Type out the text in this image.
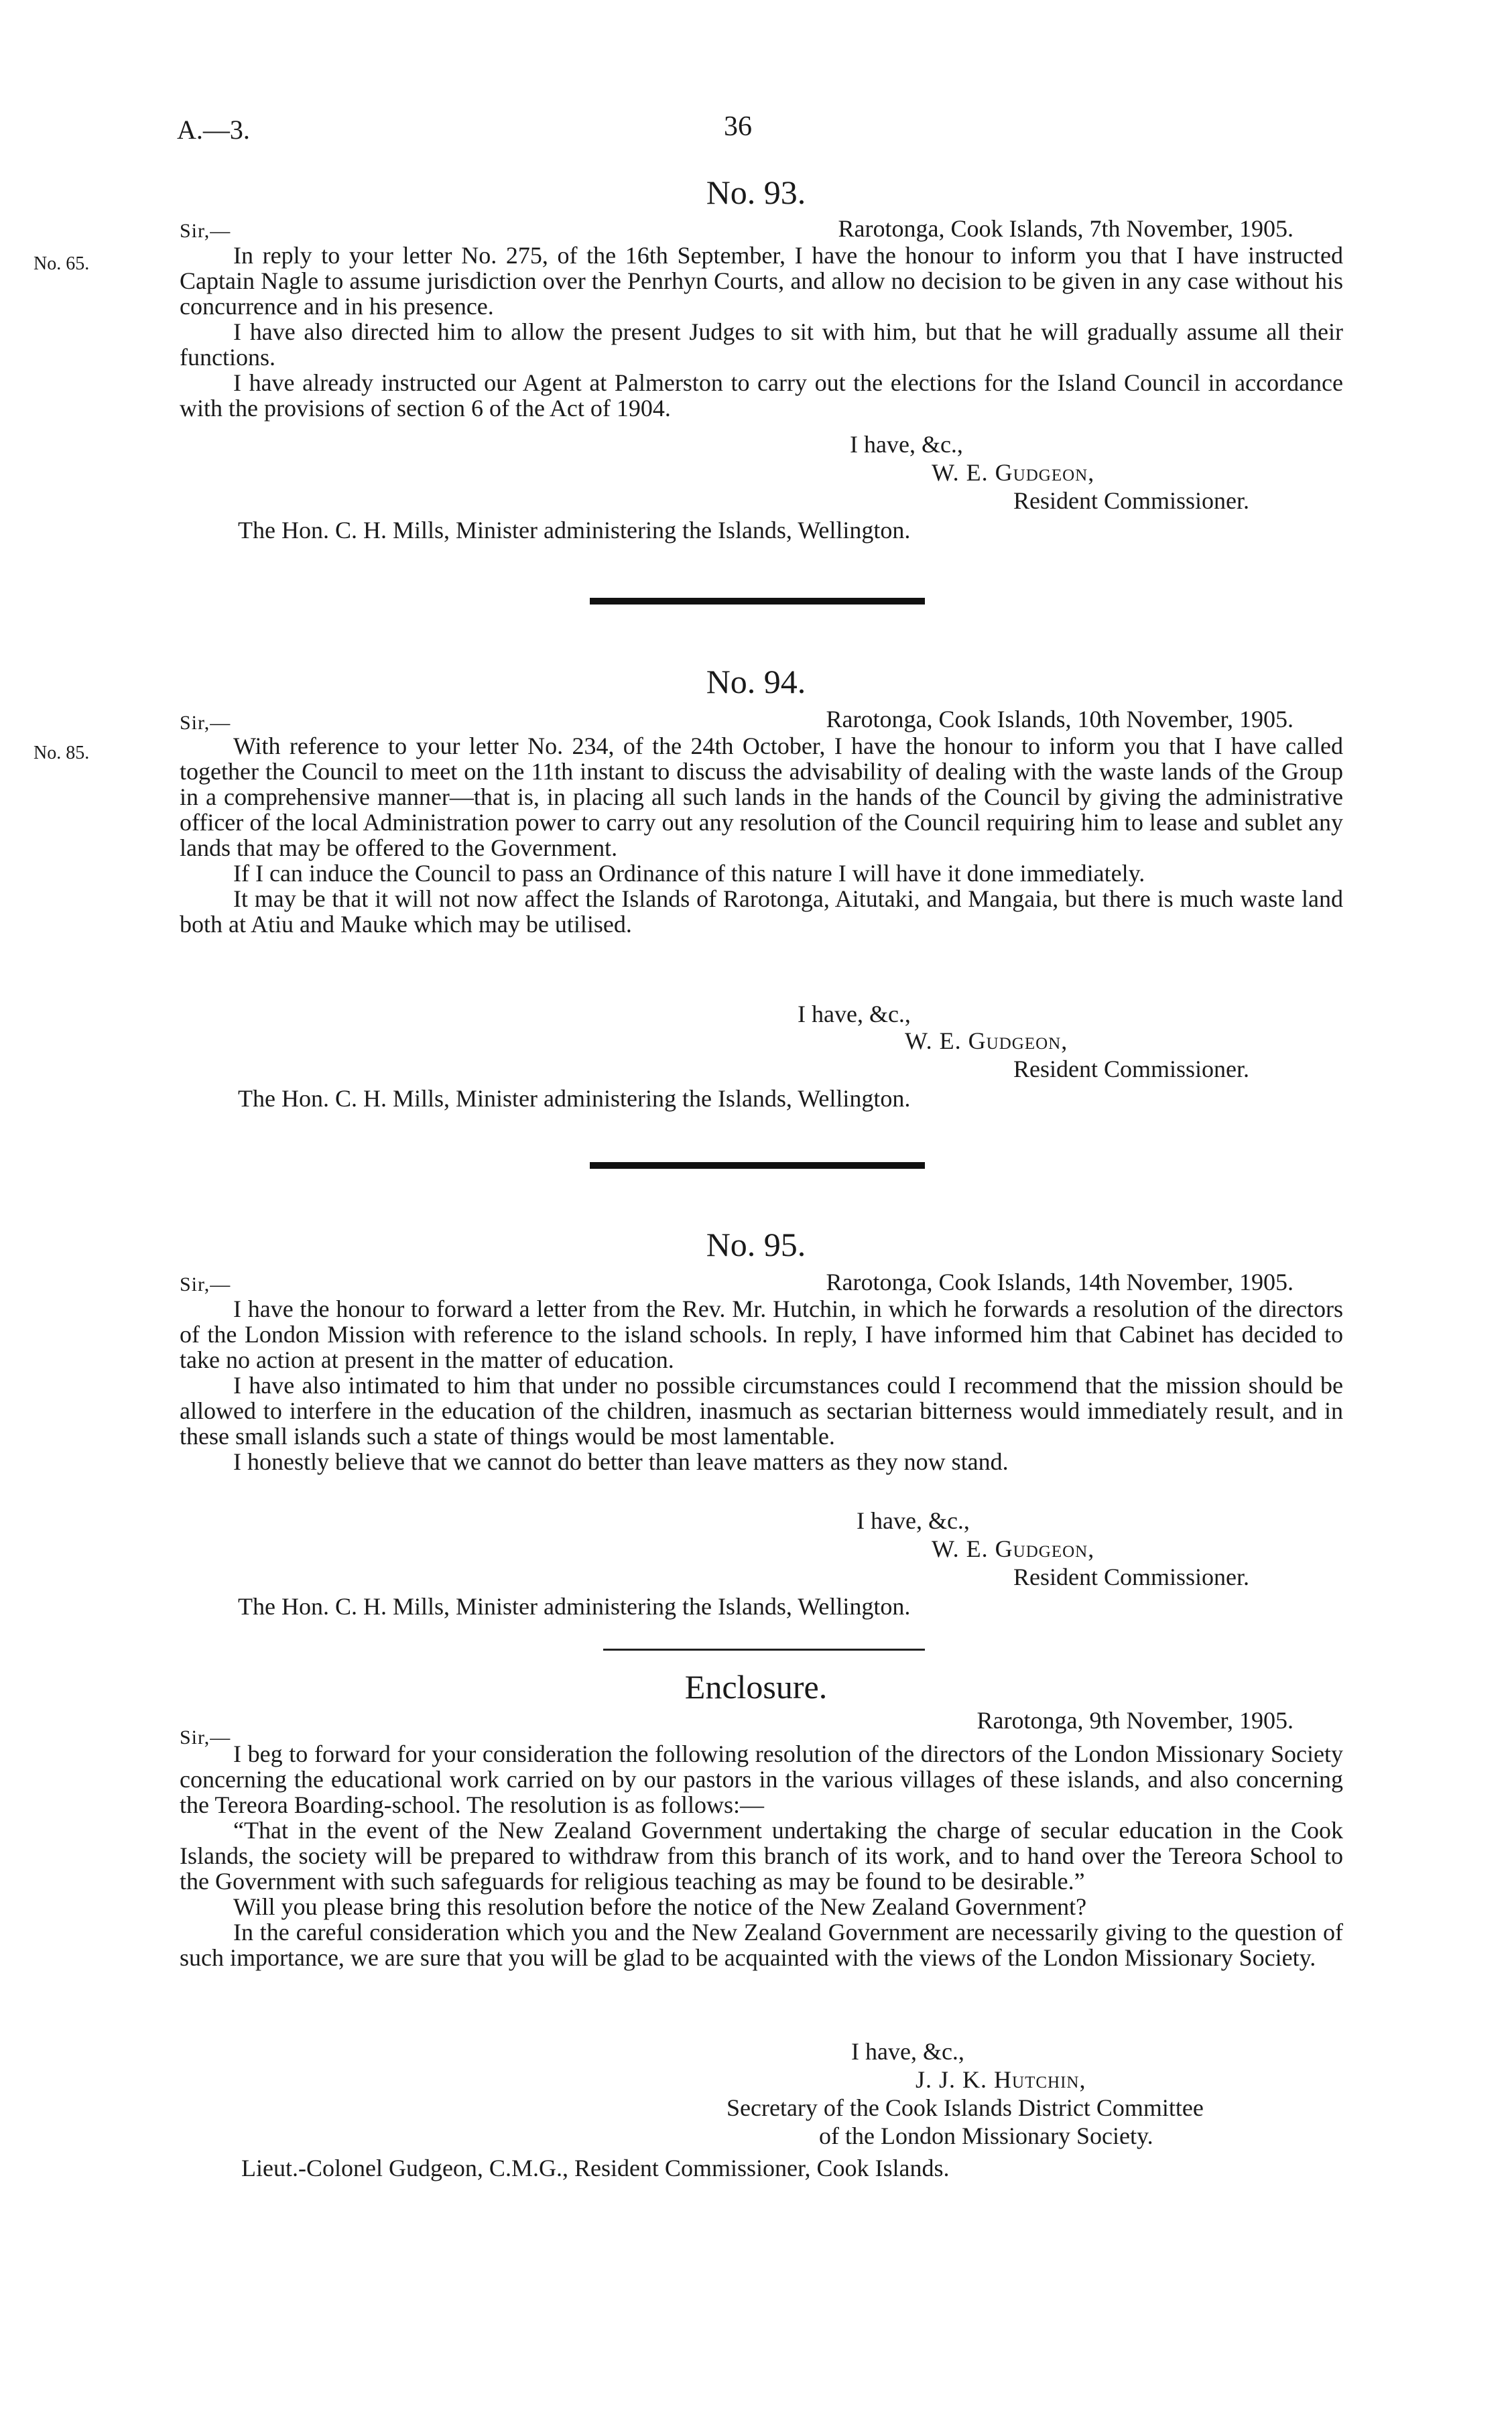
A.—3.	36
No. 93.
Sir,—
No. 65.
Rarotonga, Cook Islands, 7th November, 1905.

In reply to your letter No. 275, of the 16th September, I have the honour to inform you that I have instructed Captain Nagle to assume jurisdiction over the Penrhyn Courts, and allow no decision to be given in any case without his concurrence and in his presence.

I have also directed him to allow the present Judges to sit with him, but that he will gradually assume all their functions.

I have already instructed our Agent at Palmerston to carry out the elections for the Island Council in accordance with the provisions of section 6 of the Act of 1904.

I have, &c.,
W. E. Gudgeon,
Resident Commissioner.
The Hon. C. H. Mills, Minister administering the Islands, Wellington.
No. 94.
Sir,—
No. 85.
Rarotonga, Cook Islands, 10th November, 1905.

With reference to your letter No. 234, of the 24th October, I have the honour to inform you that I have called together the Council to meet on the 11th instant to discuss the advisability of dealing with the waste lands of the Group in a comprehensive manner—that is, in placing all such lands in the hands of the Council by giving the administrative officer of the local Administration power to carry out any resolution of the Council requiring him to lease and sublet any lands that may be offered to the Government.

If I can induce the Council to pass an Ordinance of this nature I will have it done immediately.

It may be that it will not now affect the Islands of Rarotonga, Aitutaki, and Mangaia, but there is much waste land both at Atiu and Mauke which may be utilised.

I have, &c.,
W. E. Gudgeon,
Resident Commissioner.
The Hon. C. H. Mills, Minister administering the Islands, Wellington.
No. 95.
Sir,—	Rarotonga, Cook Islands, 14th November, 1905.

I have the honour to forward a letter from the Rev. Mr. Hutchin, in which he forwards a resolution of the directors of the London Mission with reference to the island schools. In reply, I have informed him that Cabinet has decided to take no action at present in the matter of education.

I have also intimated to him that under no possible circumstances could I recommend that the mission should be allowed to interfere in the education of the children, inasmuch as sectarian bitterness would immediately result, and in these small islands such a state of things would be most lamentable.

I honestly believe that we cannot do better than leave matters as they now stand.

I have, &c.,
W. E. Gudgeon,
Resident Commissioner.
The Hon. C. H. Mills, Minister administering the Islands, Wellington.
Enclosure.
Sir,—
Rarotonga, 9th November, 1905.

I beg to forward for your consideration the following resolution of the directors of the London Missionary Society concerning the educational work carried on by our pastors in the various villages of these islands, and also concerning the Tereora Boarding-school. The resolution is as follows:—

“That in the event of the New Zealand Government undertaking the charge of secular education in the Cook Islands, the society will be prepared to withdraw from this branch of its work, and to hand over the Tereora School to the Government with such safeguards for religious teaching as may be found to be desirable.”

Will you please bring this resolution before the notice of the New Zealand Government?

In the careful consideration which you and the New Zealand Government are necessarily giving to the question of such importance, we are sure that you will be glad to be acquainted with the views of the London Missionary Society.

I have, &c.,
J. J. K. Hutchin,
Secretary of the Cook Islands District Committee
of the London Missionary Society.
Lieut.-Colonel Gudgeon, C.M.G., Resident Commissioner, Cook Islands.
